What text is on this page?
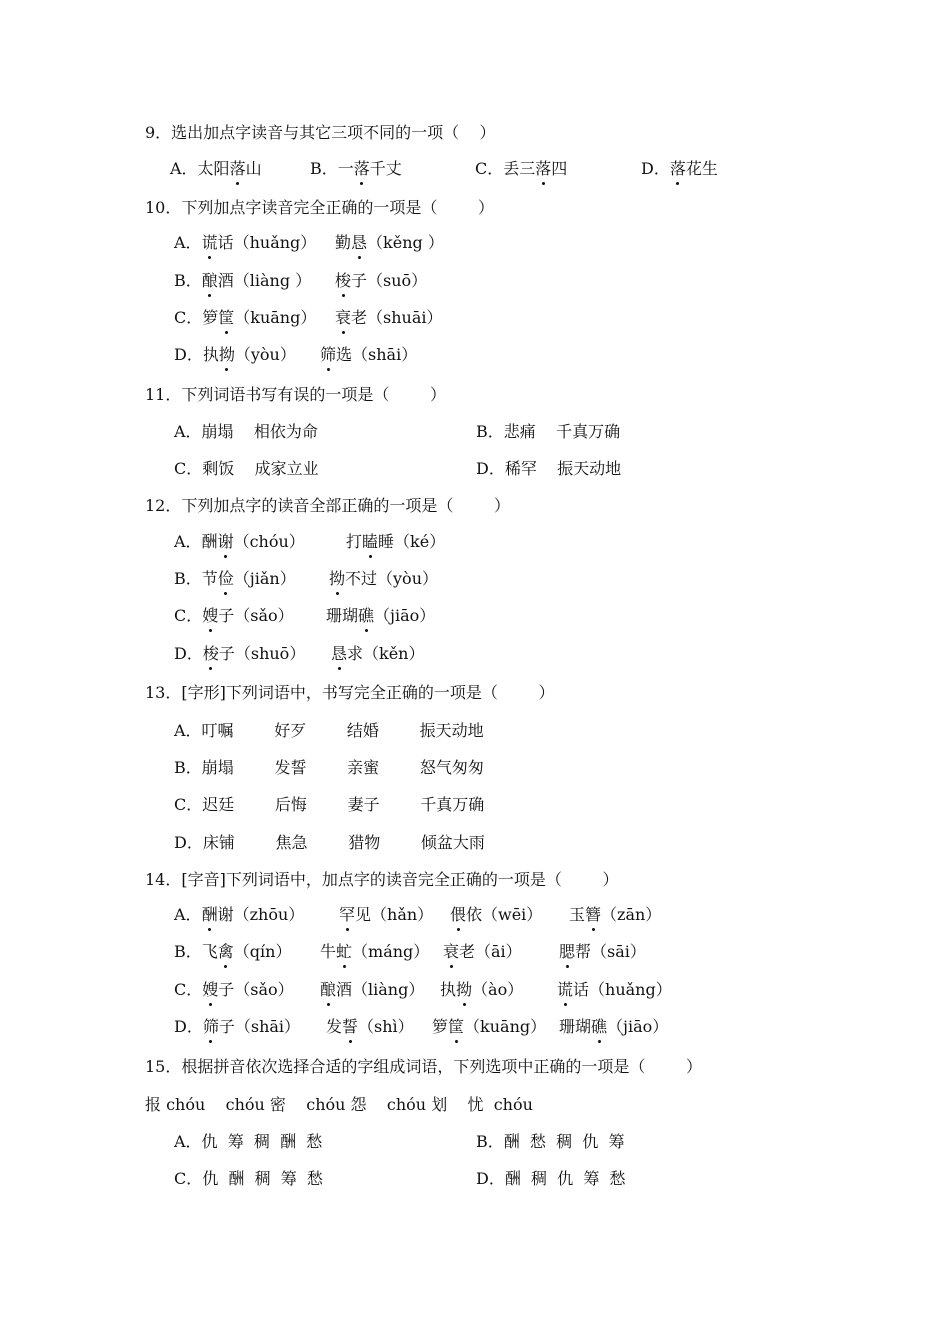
9．选出加点字读音与其它三项不同的一项（    ）
A．太阳落山	B．一落千丈	C．丢三落四	D．落花生
10．下列加点字读音完全正确的一项是（        ）
A．谎话（huǎng） 勤恳（kěng ）
B．酿酒（liàng ） 梭子（suō）
C．箩筐（kuāng） 衰老（shuāi）
D．执拗（yòu） 筛选（shāi）
11．下列词语书写有误的一项是（        ）
A．崩塌    相依为命	B．悲痛    千真万确
C．剩饭    成家立业	D．稀罕    振天动地
12．下列加点字的读音全部正确的一项是（        ）
A．酬谢（chóu）	打瞌睡（ké）
B．节俭（jiǎn） 拗不过（yòu）
C．嫂子（sǎo） 珊瑚礁（jiāo）
D．梭子（shuō） 恳求（kěn）
13．[字形]下列词语中，书写完全正确的一项是（        ）
A．叮嘱        好歹        结婚        振天动地
B．崩塌        发誓        亲蜜        怒气匆匆
C．迟廷        后悔        妻子        千真万确
D．床铺        焦急        猎物        倾盆大雨
14．[字音]下列词语中，加点字的读音完全正确的一项是（        ）
A．酬谢（zhōu） 罕见（hǎn） 偎依（wēi） 玉簪（zān）
B．飞禽（qín） 牛虻（máng） 衰老（āi） 腮帮（sāi）
C．嫂子（sǎo） 酿酒（liàng） 执拗（ào） 谎话（huǎng）
D．筛子（shāi） 发誓（shì） 箩筐（kuāng） 珊瑚礁（jiāo）
15．根据拼音依次选择合适的字组成词语，下列选项中正确的一项是（        ）
报 chóu    chóu 密    chóu 怨    chóu 划    忧  chóu
A．仇  筹  稠  酬  愁	B．酬  愁  稠  仇  筹
C．仇  酬  稠  筹  愁	D．酬  稠  仇  筹  愁
